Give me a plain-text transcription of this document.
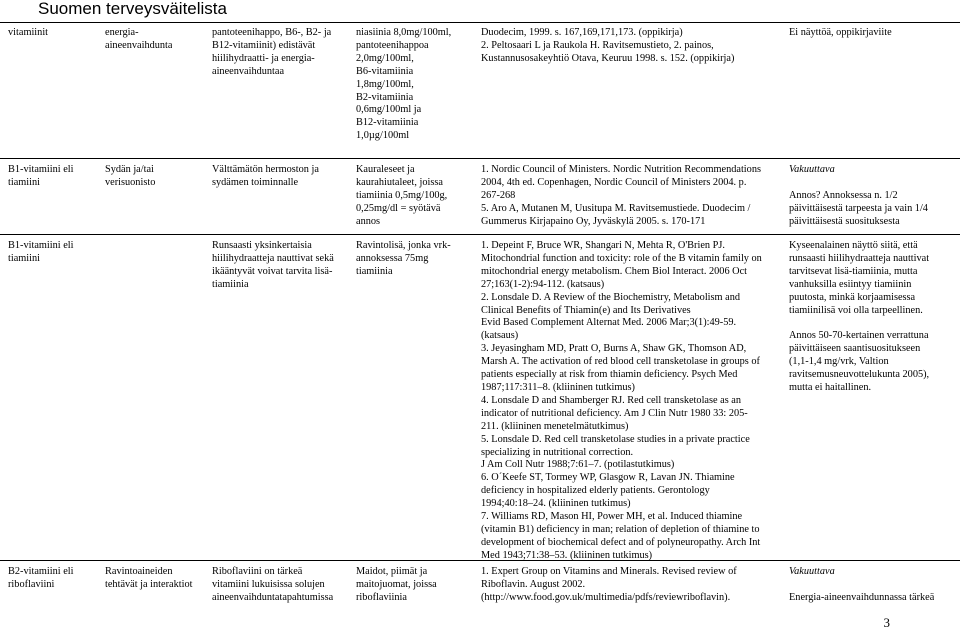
Suomen terveysväitelista
vitamiinit	energia-
aineenvaihdunta
pantoteenihappo, B6-, B2- ja
B12-vitamiinit) edistävät
hiilihydraatti- ja energia-
aineenvaihduntaa
niasiinia 8,0mg/100ml,
pantoteenihappoa
2,0mg/100ml,
B6-vitamiinia
1,8mg/100ml,
B2-vitamiinia
0,6mg/100ml ja
B12-vitamiinia
1,0µg/100ml
Duodecim, 1999. s. 167,169,171,173. (oppikirja)
2. Peltosaari L ja Raukola H. Ravitsemustieto, 2. painos,
Kustannusosakeyhtiö Otava, Keuruu 1998. s. 152. (oppikirja)
Ei näyttöä, oppikirjaviite
B1-vitamiini eli
tiamiini
Sydän ja/tai
verisuonisto
Välttämätön hermoston ja
sydämen toiminnalle
Kauraleseet ja
kaurahiutaleet, joissa
tiamiinia 0,5mg/100g,
0,25mg/dl = syötävä
annos
1. Nordic Council of Ministers. Nordic Nutrition Recommendations
2004, 4th ed. Copenhagen, Nordic Council of Ministers 2004. p.
267-268
5. Aro A, Mutanen M, Uusitupa M. Ravitsemustiede. Duodecim /
Gummerus Kirjapaino Oy, Jyväskylä 2005. s. 170-171
Vakuuttava

Annos? Annoksessa n. 1/2
päivittäisestä tarpeesta ja vain 1/4
päivittäisestä suosituksesta
B1-vitamiini eli
tiamiini
Runsaasti yksinkertaisia
hiilihydraatteja nauttivat sekä
ikääntyvät voivat tarvita lisä-
tiamiinia
Ravintolisä, jonka vrk-
annoksessa 75mg
tiamiinia
1. Depeint F, Bruce WR, Shangari N, Mehta R, O'Brien PJ.
Mitochondrial function and toxicity: role of the B vitamin family on
mitochondrial energy metabolism. Chem Biol Interact. 2006 Oct
27;163(1-2):94-112. (katsaus)
2. Lonsdale D. A Review of the Biochemistry, Metabolism and
Clinical Benefits of Thiamin(e) and Its Derivatives
Evid Based Complement Alternat Med. 2006 Mar;3(1):49-59.
(katsaus)
3. Jeyasingham MD, Pratt O, Burns A, Shaw GK, Thomson AD,
Marsh A. The activation of red blood cell transketolase in groups of
patients especially at risk from thiamin deficiency. Psych Med
1987;117:311–8. (kliininen tutkimus)
4. Lonsdale D and Shamberger RJ. Red cell transketolase as an
indicator of nutritional deficiency. Am J Clin Nutr 1980 33: 205-
211. (kliininen menetelmätutkimus)
5. Lonsdale D. Red cell transketolase studies in a private practice
specializing in nutritional correction.
J Am Coll Nutr 1988;7:61–7. (potilastutkimus)
6. O´Keefe ST, Tormey WP, Glasgow R, Lavan JN. Thiamine
deficiency in hospitalized elderly patients. Gerontology
1994;40:18–24. (kliininen tutkimus)
7. Williams RD, Mason HI, Power MH, et al. Induced thiamine
(vitamin B1) deficiency in man; relation of depletion of thiamine to
development of biochemical defect and of polyneuropathy. Arch Int
Med 1943;71:38–53. (kliininen tutkimus)
Kyseenalainen näyttö siitä, että
runsaasti hiilihydraatteja nauttivat
tarvitsevat lisä-tiamiinia, mutta
vanhuksilla esiintyy tiamiinin
puutosta, minkä korjaamisessa
tiamiinilisä voi olla tarpeellinen.

Annos 50-70-kertainen verrattuna
päivittäiseen saantisuositukseen
(1,1-1,4 mg/vrk, Valtion
ravitsemusneuvottelukunta 2005),
mutta ei haitallinen.
B2-vitamiini eli
riboflaviini
Ravintoaineiden
tehtävät ja interaktiot
Riboflaviini on tärkeä
vitamiini lukuisissa solujen
aineenvaihduntatapahtumissa
Maidot, piimät ja
maitojuomat, joissa
riboflaviinia
1. Expert Group on Vitamins and Minerals. Revised review of
Riboflavin. August 2002.
(http://www.food.gov.uk/multimedia/pdfs/reviewriboflavin).
Vakuuttava

Energia-aineenvaihdunnassa tärkeä
3
